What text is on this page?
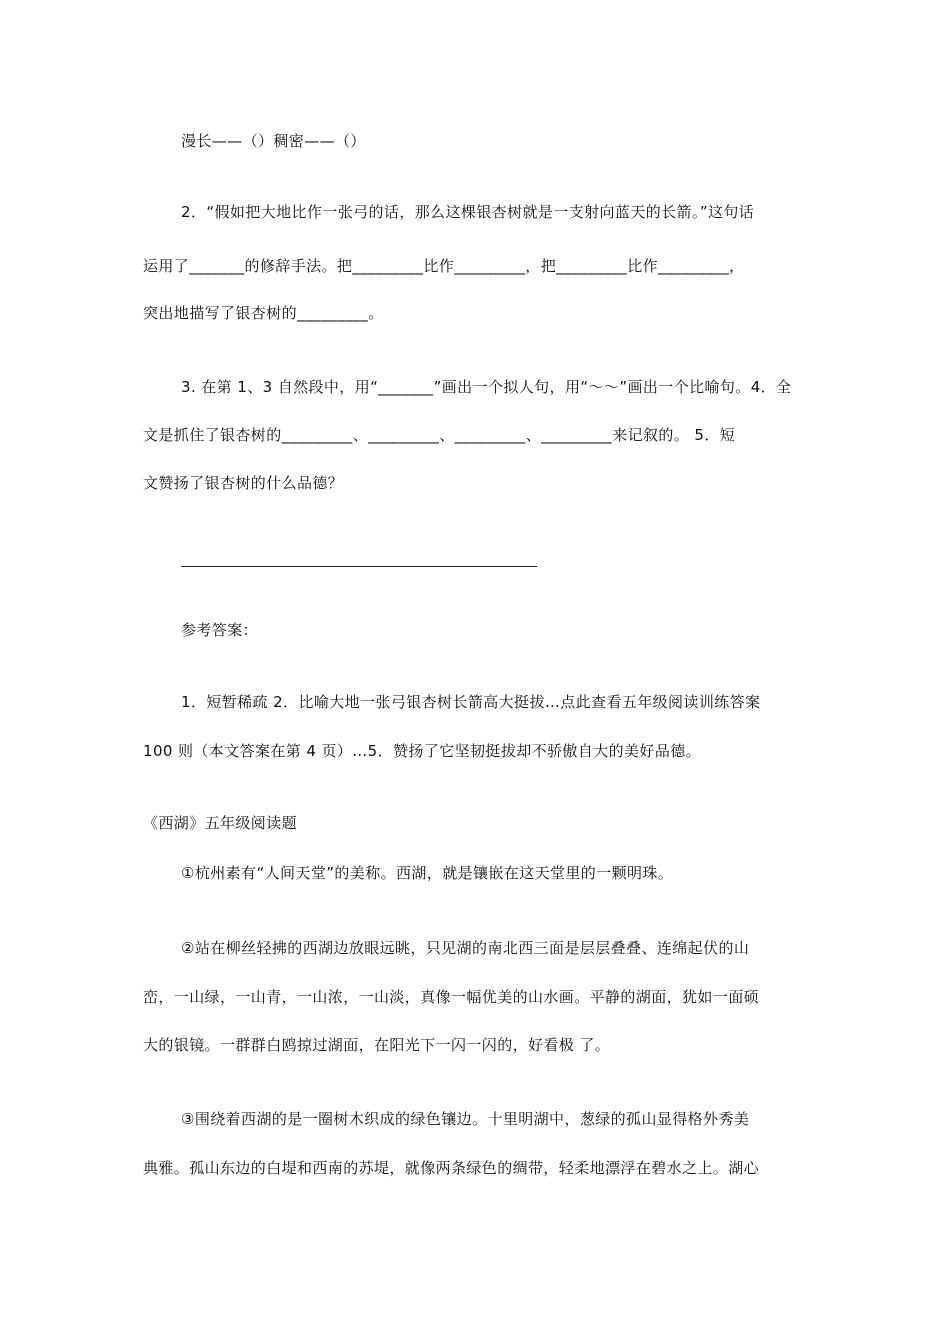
漫长——（）稠密——（）
2．“假如把大地比作一张弓的话，那么这棵银杏树就是一支射向蓝天的长箭。”这句话
运用了_______的修辞手法。把_________比作_________，把_________比作_________，
突出地描写了银杏树的_________。
3. 在第 1、3 自然段中，用“_______”画出一个拟人句，用“～～”画出一个比喻句。4．全
文是抓住了银杏树的_________、_________、_________、_________来记叙的。 5．短
文赞扬了银杏树的什么品德？
参考答案：
1．短暂稀疏 2．比喻大地一张弓银杏树长箭高大挺拔…点此查看五年级阅读训练答案
100 则（本文答案在第 4 页）…5．赞扬了它坚韧挺拔却不骄傲自大的美好品德。
《西湖》五年级阅读题
①杭州素有“人间天堂”的美称。西湖，就是镶嵌在这天堂里的一颗明珠。
②站在柳丝轻拂的西湖边放眼远眺，只见湖的南北西三面是层层叠叠、连绵起伏的山
峦，一山绿，一山青，一山浓，一山淡，真像一幅优美的山水画。平静的湖面，犹如一面硕
大的银镜。一群群白鸥掠过湖面，在阳光下一闪一闪的，好看极 了。
③围绕着西湖的是一圈树木织成的绿色镶边。十里明湖中，葱绿的孤山显得格外秀美
典雅。孤山东边的白堤和西南的苏堤，就像两条绿色的绸带，轻柔地漂浮在碧水之上。湖心
